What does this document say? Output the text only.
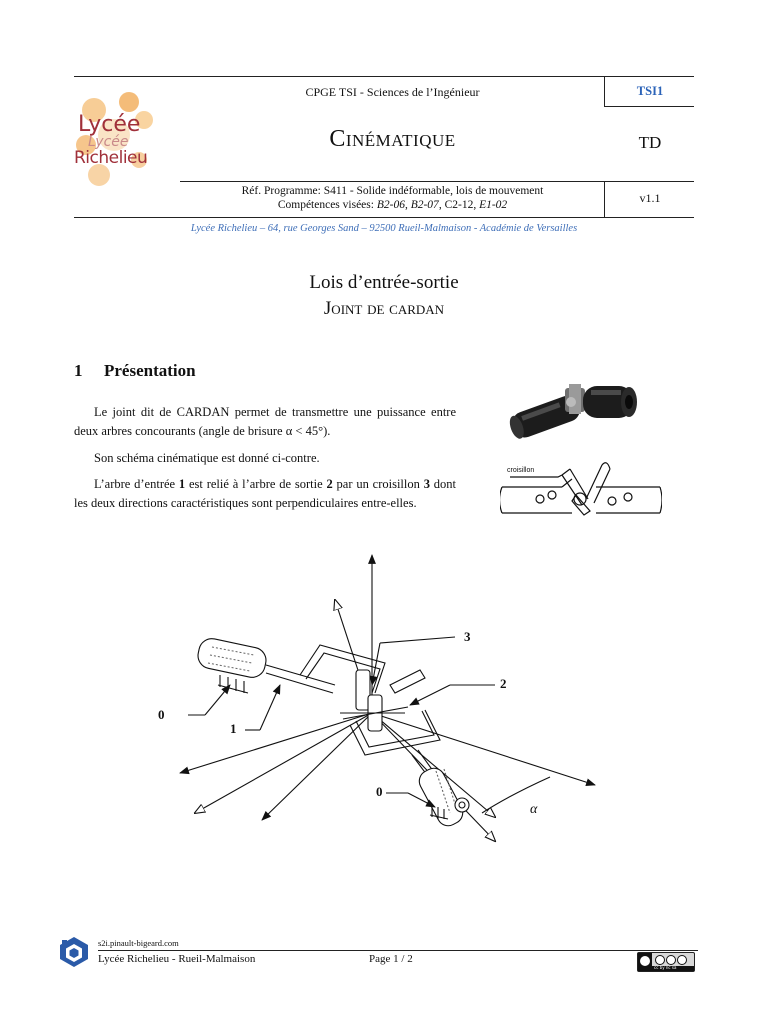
Lycée
Lycée
Richelieu
CPGE TSI - Sciences de l’Ingénieur	TSI1
Cinématique	TD
Réf. Programme: S411 - Solide indéformable, lois de mouvement
Compétences visées: B2-06, B2-07, C2-12, E1-02	v1.1
Lycée Richelieu – 64, rue Georges Sand – 92500 Rueil-Malmaison - Académie de Versailles
Lois d’entrée-sortie
Joint de cardan
1 Présentation
Le joint dit de CARDAN permet de transmettre une puissance entre deux arbres concourants (angle de brisure α < 45°).
Son schéma cinématique est donné ci-contre.
L’arbre d’entrée 1 est relié à l’arbre de sortie 2 par un croisillon 3 dont les deux directions caractéristiques sont perpendiculaires entre-elles.
croisillon
0
1
2
3
0
α
s2i.pinault-bigeard.com
Lycée Richelieu - Rueil-Malmaison	Page 1 / 2
cc by nc sa
